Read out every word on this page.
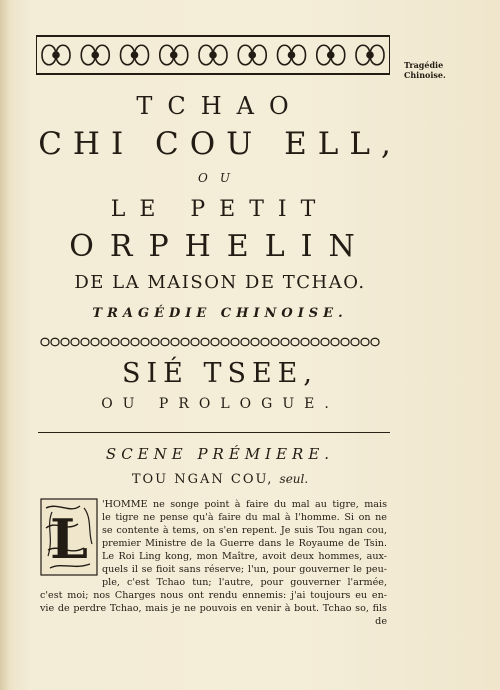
Tragédie
Chinoise.
TCHAO
CHI COU ELL,
OU
LE PETIT
ORPHELIN
DE LA MAISON DE TCHAO.
TRAGÉDIE CHINOISE.
SIÉ TSEE,
OU PROLOGUE.
SCENE PRÉMIERE.
TOU NGAN COU, seul.
L
'HOMME ne songe point à faire du mal au tigre, mais
le tigre ne pense qu'à faire du mal à l'homme. Si on ne
se contente à tems, on s'en repent. Je suis Tou ngan cou,
premier Ministre de la Guerre dans le Royaume de Tsin.
Le Roi Ling kong, mon Maître, avoit deux hommes, aux-
quels il se fioit sans réserve; l'un, pour gouverner le peu-
ple, c'est Tchao tun; l'autre, pour gouverner l'armée,
c'est moi; nos Charges nous ont rendu ennemis: j'ai toujours eu en-
vie de perdre Tchao, mais je ne pouvois en venir à bout. Tchao so, fils
de
